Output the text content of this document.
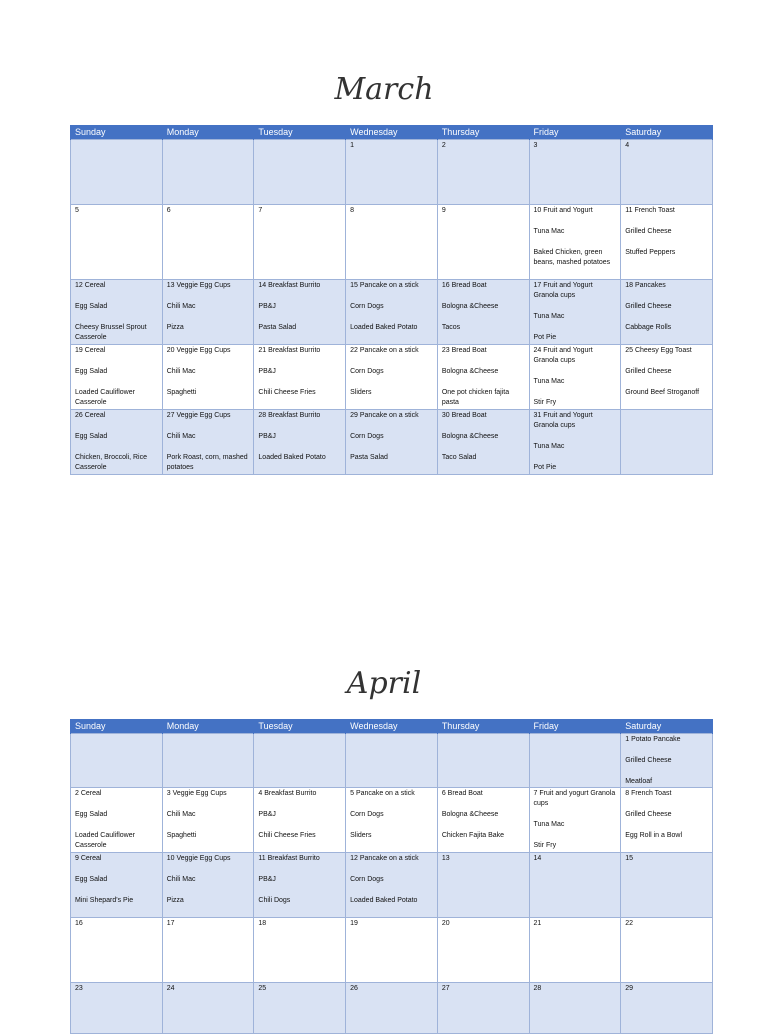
March
Sunday	Monday	Tuesday	Wednesday	Thursday	Friday	Saturday

			1	2	3	4

5	6	7	8	9	10 Fruit and Yogurt
Tuna Mac
Baked Chicken, green beans, mashed potatoes	11 French Toast
Grilled Cheese
Stuffed Peppers

12 Cereal
Egg Salad
Cheesy Brussel Sprout Casserole	13 Veggie Egg Cups
Chili Mac
Pizza	14 Breakfast Burrito
PB&J
Pasta Salad	15 Pancake on a stick
Corn Dogs
Loaded Baked Potato	16 Bread Boat
Bologna &Cheese
Tacos	17 Fruit and Yogurt Granola cups
Tuna Mac
Pot Pie	18 Pancakes
Grilled Cheese
Cabbage Rolls

19 Cereal
Egg Salad
Loaded Cauliflower Casserole	20 Veggie Egg Cups
Chili Mac
Spaghetti	21 Breakfast Burrito
PB&J
Chili Cheese Fries	22 Pancake on a stick
Corn Dogs
Sliders	23 Bread Boat
Bologna &Cheese
One pot chicken fajita pasta	24 Fruit and Yogurt Granola cups
Tuna Mac
Stir Fry	25 Cheesy Egg Toast
Grilled Cheese
Ground Beef Stroganoff

26 Cereal
Egg Salad
Chicken, Broccoli, Rice Casserole	27 Veggie Egg Cups
Chili Mac
Pork Roast, corn, mashed potatoes	28 Breakfast Burrito
PB&J
Loaded Baked Potato	29 Pancake on a stick
Corn Dogs
Pasta Salad	30 Bread Boat
Bologna &Cheese
Taco Salad	31 Fruit and Yogurt Granola cups
Tuna Mac
Pot Pie	

April
Sunday	Monday	Tuesday	Wednesday	Thursday	Friday	Saturday

						1 Potato Pancake
Grilled Cheese
Meatloaf

2 Cereal
Egg Salad
Loaded Cauliflower Casserole	3 Veggie Egg Cups
Chili Mac
Spaghetti	4 Breakfast Burrito
PB&J
Chili Cheese Fries	5 Pancake on a stick
Corn Dogs
Sliders	6 Bread Boat
Bologna &Cheese
Chicken Fajita Bake	7 Fruit and yogurt Granola cups
Tuna Mac
Stir Fry	8 French Toast
Grilled Cheese
Egg Roll in a Bowl

9 Cereal
Egg Salad
Mini Shepard's Pie	10 Veggie Egg Cups
Chili Mac
Pizza	11 Breakfast Burrito
PB&J
Chili Dogs	12 Pancake on a stick
Corn Dogs
Loaded Baked Potato	13	14	15

16	17	18	19	20	21	22

23	24	25	26	27	28	29
